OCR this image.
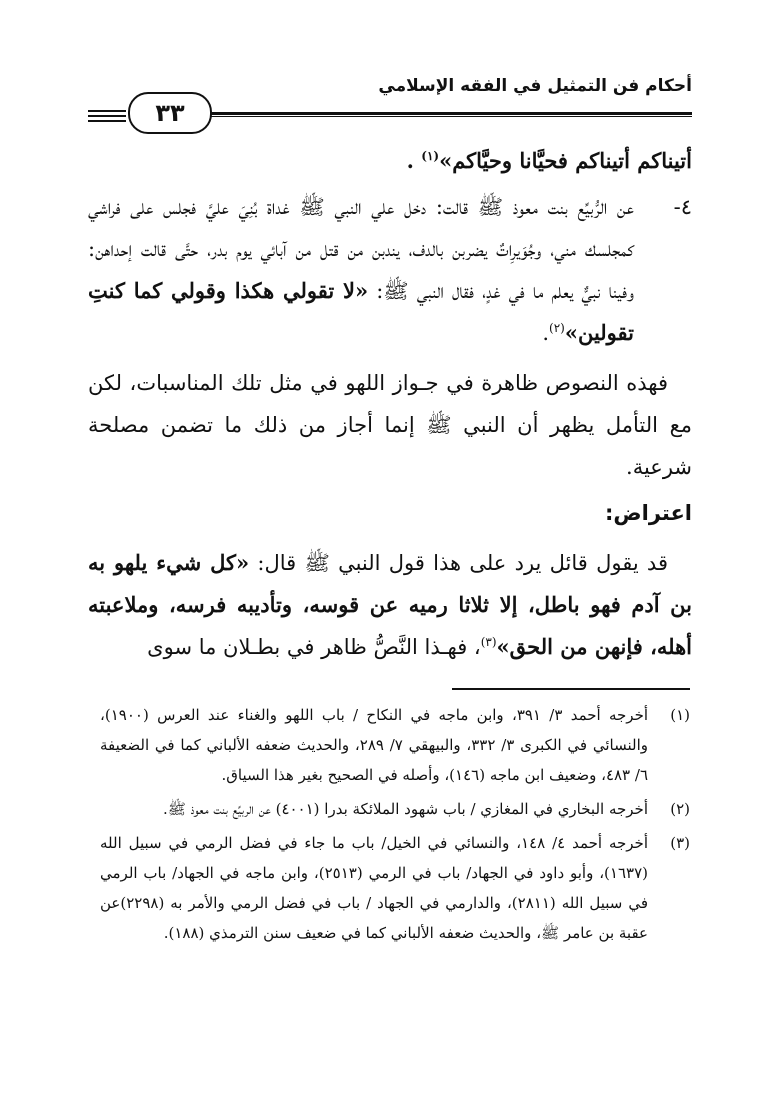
أحكام فن التمثيل في الفقه الإسلامي
٣٣

أتيناكم أتيناكم فحيَّانا وحيَّاكم»$^{(١)}$ .

٤-

عن الرُّبيِّع بنت معوذ ﷺ قالت: دخل علي النبي ﷺ غداة بُنِيَ عليَّ فجلس على فراشي كمجلسك مني، وجُوَيرِاتٌ يضربن بالدف، يندبن من قتل من آبائي يوم بدر، حتَّى قالت إحداهن: وفينا نبيٌّ يعلم ما في غدٍ، فقال النبي ﷺ: «لا تقولي هكذا وقولي كما كنتِ تقولين»$^{(٢)}$.

فهذه النصوص ظاهرة في جـواز اللهو في مثل تلك المناسبات، لكن مع التأمل يظهر أن النبي ﷺ إنما أجاز من ذلك ما تضمن مصلحة شرعية.

اعتراض:

قد يقول قائل يرد على هذا قول النبي ﷺ قال: «كل شيء يلهو به بن آدم فهو باطل، إلا ثلاثا رميه عن قوسه، وتأديبه فرسه، وملاعبته أهله، فإنهن من الحق»$^{(٣)}$، فهـذا النَّصُّ ظاهر في بطـلان ما سوى

(١)
أخرجه أحمد ٣/ ٣٩١، وابن ماجه في النكاح / باب اللهو والغناء عند العرس (١٩٠٠)، والنسائي في الكبرى ٣/ ٣٣٢، والبيهقي ٧/ ٢٨٩، والحديث ضعفه الألباني كما في الضعيفة ٦/ ٤٨٣، وضعيف ابن ماجه (١٤٦)، وأصله في الصحيح بغير هذا السياق.
(٢)
أخرجه البخاري في المغازي / باب شهود الملائكة بدرا (٤٠٠١) عن الربيِّع بنت معوذ ﷺ.
(٣)
أخرجه أحمد ٤/ ١٤٨، والنسائي في الخيل/ باب ما جاء في فضل الرمي في سبيل الله (١٦٣٧)، وأبو داود في الجهاد/ باب في الرمي (٢٥١٣)، وابن ماجه في الجهاد/ باب الرمي في سبيل الله (٢٨١١)، والدارمي في الجهاد / باب في فضل الرمي والأمر به (٢٢٩٨)عن عقبة بن عامر ﷺ، والحديث ضعفه الألباني كما في ضعيف سنن الترمذي (١٨٨).
